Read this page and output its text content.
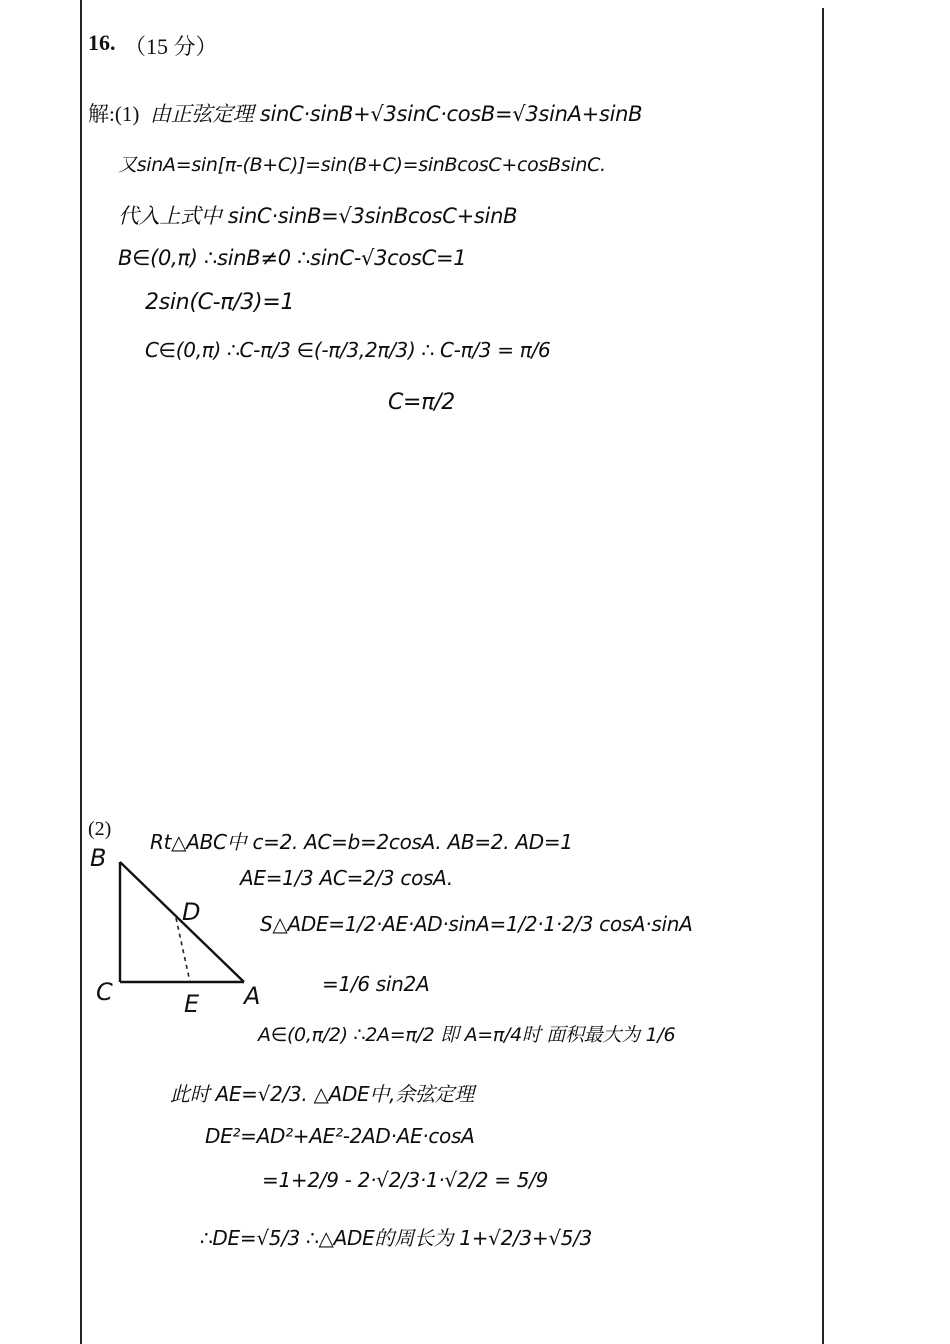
16. （15 分）
解:(1) 由正弦定理 sinC·sinB+√3sinC·cosB=√3sinA+sinB
又sinA=sin[π-(B+C)]=sin(B+C)=sinBcosC+cosBsinC.
代入上式中 sinC·sinB=√3sinBcosC+sinB
B∈(0,π) ∴sinB≠0 ∴sinC-√3cosC=1
2sin(C-π/3)=1
C∈(0,π) ∴C-π/3 ∈(-π/3,2π/3) ∴ C-π/3 = π/6
C=π/2
(2)
Rt△ABC中 c=2. AC=b=2cosA. AB=2. AD=1
AE=1/3 AC=2/3 cosA.
S△ADE=1/2·AE·AD·sinA=1/2·1·2/3 cosA·sinA
=1/6 sin2A
A∈(0,π/2) ∴2A=π/2 即 A=π/4时 面积最大为 1/6
此时 AE=√2/3. △ADE中,余弦定理
DE²=AD²+AE²-2AD·AE·cosA
=1+2/9 - 2·√2/3·1·√2/2 = 5/9
∴DE=√5/3 ∴△ADE的周长为 1+√2/3+√5/3
B
D
C	E A
